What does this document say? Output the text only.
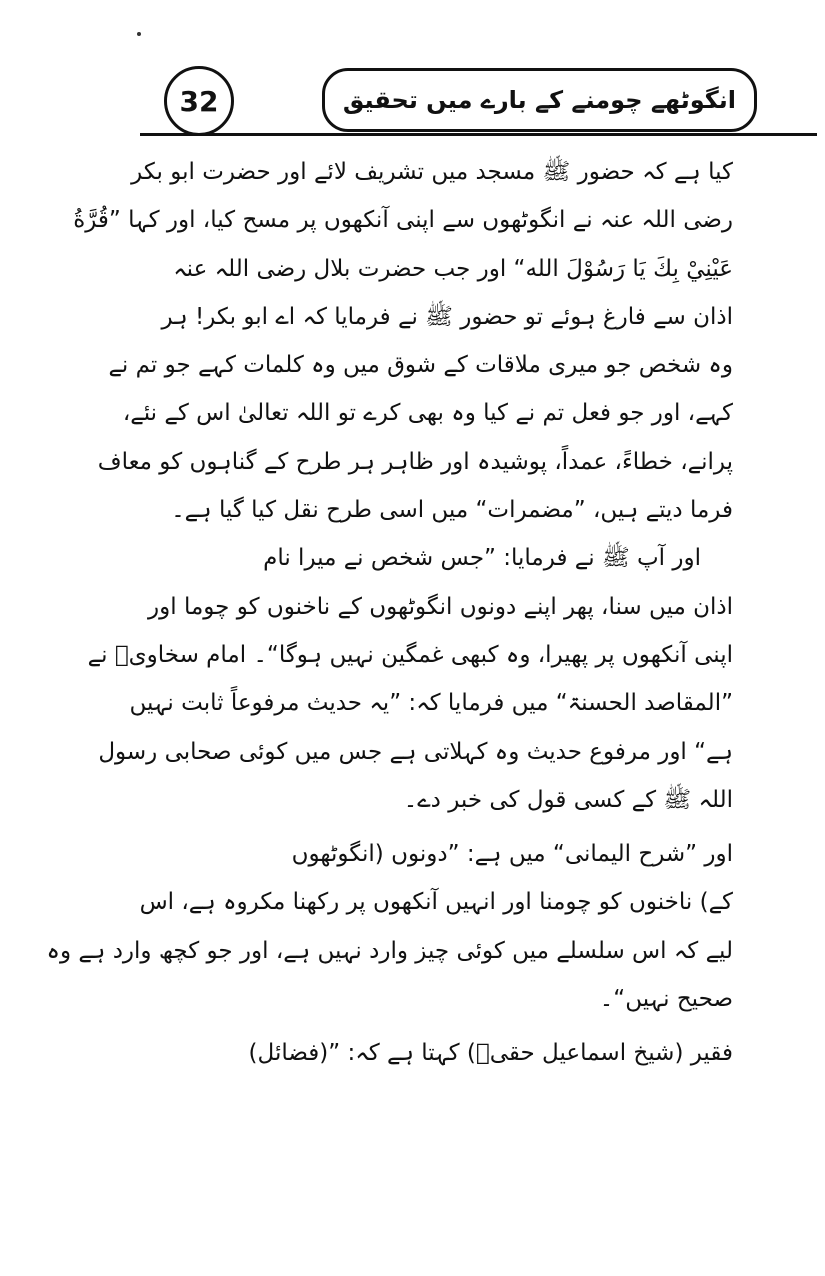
32	انگوٹھے چومنے کے بارے میں تحقیق
کیا ہے کہ حضور ﷺ مسجد میں تشریف لائے اور حضرت ابو بکر
رضی اللہ عنہ نے انگوٹھوں سے اپنی آنکھوں پر مسح کیا، اور کہا ”قُرَّةُ
عَيْنِيْ بِكَ يَا رَسُوْلَ الله“ اور جب حضرت بلال رضی اللہ عنہ
اذان سے فارغ ہوئے تو حضور ﷺ نے فرمایا کہ اے ابو بکر! ہر
وہ شخص جو میری ملاقات کے شوق میں وہ کلمات کہے جو تم نے
کہے، اور جو فعل تم نے کیا وہ بھی کرے تو اللہ تعالیٰ اس کے نئے،
پرانے، خطاءً، عمداً، پوشیدہ اور ظاہر ہر طرح کے گناہوں کو معاف
فرما دیتے ہیں، ”مضمرات“ میں اسی طرح نقل کیا گیا ہے۔
اور آپ ﷺ نے فرمایا: ”جس شخص نے میرا نام
اذان میں سنا، پھر اپنے دونوں انگوٹھوں کے ناخنوں کو چوما اور
اپنی آنکھوں پر پھیرا، وہ کبھی غمگین نہیں ہوگا“۔ امام سخاویؒ نے
”المقاصد الحسنۃ“ میں فرمایا کہ: ”یہ حدیث مرفوعاً ثابت نہیں
ہے“ اور مرفوع حدیث وہ کہلاتی ہے جس میں کوئی صحابی رسول
اللہ ﷺ کے کسی قول کی خبر دے۔
اور ”شرح الیمانی“ میں ہے: ”دونوں (انگوٹھوں
کے) ناخنوں کو چومنا اور انہیں آنکھوں پر رکھنا مکروہ ہے، اس
لیے کہ اس سلسلے میں کوئی چیز وارد نہیں ہے، اور جو کچھ وارد ہے وہ
صحیح نہیں“۔
فقیر (شیخ اسماعیل حقیؒ) کہتا ہے کہ: ”(فضائل)
